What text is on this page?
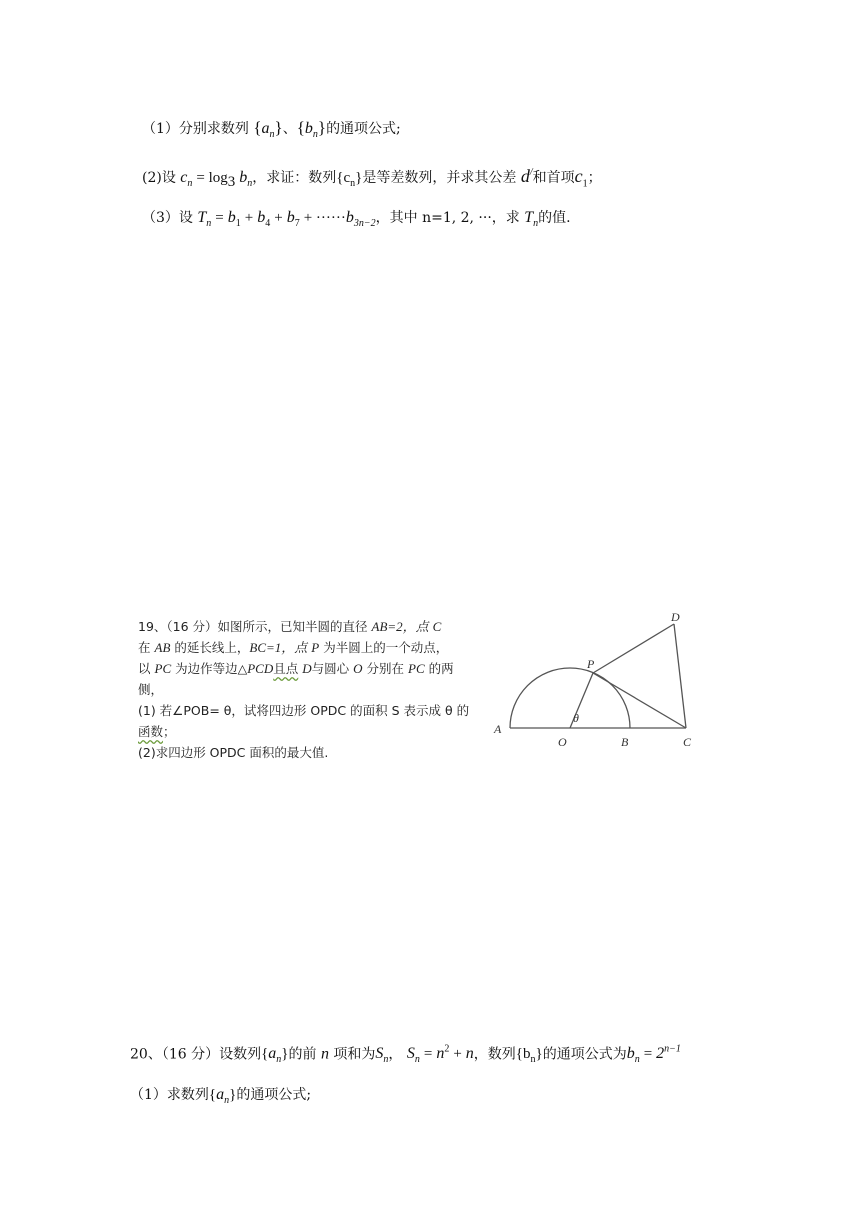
（1）分别求数列 $\{a_n\}$、$\{b_n\}$的通项公式;
(2)设 $c_n = \log_3 b_n$，求证：数列$\{c_n\}$是等差数列，并求其公差 d/和首项$c_1$；
（3）设 $T_n = b_1 + b_4 + b_7 + \cdot\cdot\cdot\cdot\cdot\cdot b_{3n-2}$，其中 n=1, 2, ···，求 $T_n$的值.
19、（16 分）如图所示，已知半圆的直径 AB=2，点 C
在 AB 的延长线上，BC=1，点 P 为半圆上的一个动点，
以 PC 为边作等边△PCD且点 D与圆心 O 分别在 PC 的两
侧，
(1) 若∠POB= θ，试将四边形 OPDC 的面积 S 表示成 θ 的
函数；
(2)求四边形 OPDC 面积的最大值.
A
O	B	C
P
D
θ
20、（16 分）设数列$\{a_n\}$的前 n 项和为$S_n$， $S_n = n^2 + n$，数列$\{b_n\}$的通项公式为$b_n = 2^{n-1}$
（1）求数列$\{a_n\}$的通项公式;
